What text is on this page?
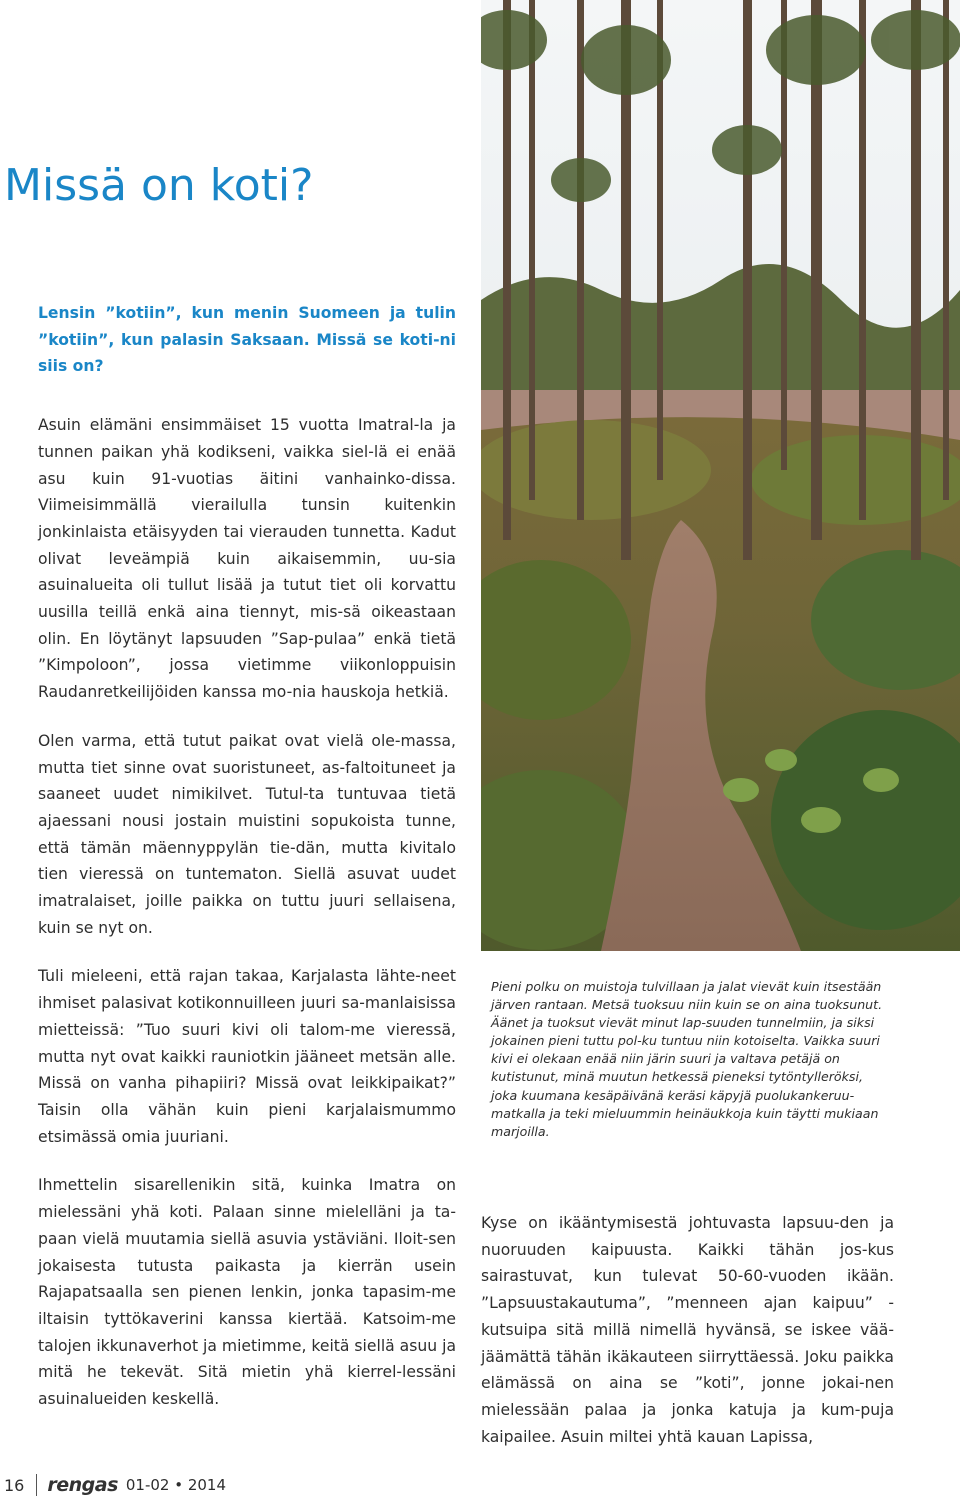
Missä on koti?

Lensin ”kotiin”, kun menin Suomeen ja tulin ”kotiin”, kun palasin Saksaan. Missä se koti-ni siis on?

Asuin elämäni ensimmäiset 15 vuotta Imatral-la ja tunnen paikan yhä kodikseni, vaikka siel-lä ei enää asu kuin 91-vuotias äitini vanhainko-dissa. Viimeisimmällä vierailulla tunsin kuitenkin jonkinlaista etäisyyden tai vierauden tunnetta. Kadut olivat leveämpiä kuin aikaisemmin, uu-sia asuinalueita oli tullut lisää ja tutut tiet oli korvattu uusilla teillä enkä aina tiennyt, mis-sä oikeastaan olin. En löytänyt lapsuuden ”Sap-pulaa” enkä tietä ”Kimpoloon”, jossa vietimme viikonloppuisin Raudanretkeilijöiden kanssa mo-nia hauskoja hetkiä.

Olen varma, että tutut paikat ovat vielä ole-massa, mutta tiet sinne ovat suoristuneet, as-faltoituneet ja saaneet uudet nimikilvet. Tutul-ta tuntuvaa tietä ajaessani nousi jostain muistini sopukoista tunne, että tämän mäennyppylän tie-dän, mutta kivitalo tien vieressä on tuntematon. Siellä asuvat uudet imatralaiset, joille paikka on tuttu juuri sellaisena, kuin se nyt on.

Tuli mieleeni, että rajan takaa, Karjalasta lähte-neet ihmiset palasivat kotikonnuilleen juuri sa-manlaisissa mietteissä: ”Tuo suuri kivi oli talom-me vieressä, mutta nyt ovat kaikki rauniotkin jääneet metsän alle. Missä on vanha pihapiiri? Missä ovat leikkipaikat?” Taisin olla vähän kuin pieni karjalaismummo etsimässä omia juuriani.

Ihmettelin sisarellenikin sitä, kuinka Imatra on mielessäni yhä koti. Palaan sinne mielelläni ja ta-paan vielä muutamia siellä asuvia ystäviäni. Iloit-sen jokaisesta tutusta paikasta ja kierrän usein Rajapatsaalla sen pienen lenkin, jonka tapasim-me iltaisin tyttökaverini kanssa kiertää. Katsoim-me talojen ikkunaverhot ja mietimme, keitä siellä asuu ja mitä he tekevät. Sitä mietin yhä kierrel-lessäni asuinalueiden keskellä.

Pieni polku on muistoja tulvillaan ja jalat vievät kuin itsestään järven rantaan. Metsä tuoksuu niin kuin se on aina tuoksunut. Äänet ja tuoksut vievät minut lap-suuden tunnelmiin, ja siksi jokainen pieni tuttu pol-ku tuntuu niin kotoiselta. Vaikka suuri kivi ei olekaan enää niin järin suuri ja valtava petäjä on kutistunut, minä muutun hetkessä pieneksi tytöntylleröksi, joka kuumana kesäpäivänä keräsi käpyjä puolukankeruu-matkalla ja teki mieluummin heinäukkoja kuin täytti mukiaan marjoilla.

Kyse on ikääntymisestä johtuvasta lapsuu-den ja nuoruuden kaipuusta. Kaikki tähän jos-kus sairastuvat, kun tulevat 50-60-vuoden ikään. ”Lapsuustakautuma”, ”menneen ajan kaipuu” -kutsuipa sitä millä nimellä hyvänsä, se iskee vää-jäämättä tähän ikäkauteen siirryttäessä. Joku paikka elämässä on aina se ”koti”, jonne jokai-nen mielessään palaa ja jonka katuja ja kum-puja kaipailee. Asuin miltei yhtä kauan Lapissa,

16 rengas 01-02 • 2014
